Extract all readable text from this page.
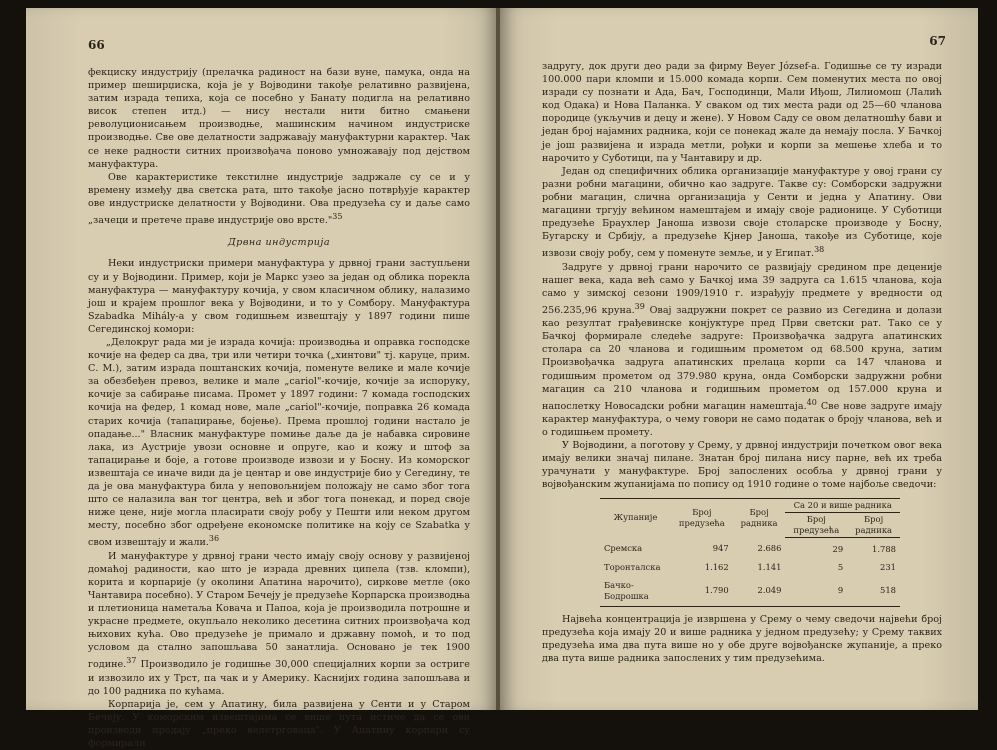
66

фекциску индустрију (прелачка радиност на бази вуне, памука, онда на пример шеширџиска, која је у Војводини такође релативно развијена, затим израда тепиха, која се посебно у Банату подигла на релативно висок степен итд.) — нису нестали нити битно смањени револуционисањем производње, машинским начином индустриске производње. Све ове делатности задржавају мануфактурни карактер. Чак се неке радности ситних произвођача поново умножавају под дејством мануфактура.

Ове карактеристике текстилне индустрије задржале су се и у времену између два светска рата, што такође јасно потврђује карактер ове индустриске делатности у Војводини. Ова предузећа су и даље само „зачеци и претече праве индустрије ово врсте."$^{35}$

Дрвна индустрија

Неки индустриски примери мануфактура у дрвној грани заступљени су и у Војводини. Пример, који је Маркс узео за један од облика порекла мануфактура — мануфактуру кочија, у свом класичном облику, налазимо још и крајем прошлог века у Војводини, и то у Сомбору. Мануфактура Szabadka Mihály-а у свом годишњем извештају у 1897 години пише Сегединској комори:

„Делокруг рада ми је израда кочија: производња и оправка господске кочије на федер са два, три или четири точка („хинтови" тј. каруце, прим. С. М.), затим израда поштанских кочија, поменуте велике и мале кочије за обезбеђен превоз, велике и мале „cariol"-кочије, кочије за испоруку, кочије за сабирање писама. Промет у 1897 години: 7 комада господских кочија на федер, 1 комад нове, мале „cariol"-кочије, поправка 26 комада старих кочија (тапацирање, бојење). Према прошлој години настало је опадање..." Власник мануфактуре помиње даље да је набавка сировине лака, из Аустрије увози основне и опруге, као и кожу и штоф за тапацирање и боје, а готове производе извози и у Босну. Из коморског извештаја се иначе види да је центар и ове индустрије био у Сегедину, те да је ова мануфактура била у неповољнијем положају не само због тога што се налазила ван тог центра, већ и због тога понекад, и поред своје ниже цене, није могла пласирати своју робу у Пешти или неком другом месту, посебно због одређене економске политике на коју се Szabatka у свом извештају и жали.$^{36}$

И мануфактуре у дрвној грани често имају своју основу у развијеној домаћој радиности, као што је израда древних ципела (тзв. кломпи), корита и корпарије (у околини Апатина нарочито), сиркове метле (око Чантавира посебно). У Старом Бечеју је предузеће Корпарска производња и плетионица наметаља Ковача и Папоа, која је производила потрошне и украсне предмете, окупљало неколико десетина ситних произвођача код њихових кућа. Ово предузеће је примало и државну помоћ, и то под условом да стално запошљава 50 занатлија. Основано је тек 1900 године.$^{37}$ Производило је годишње 30,000 специјалних корпи за остриге и извозило их у Трст, па чак и у Америку. Касниjих година запошљава и до 100 радника по кућама.

Корпарија је, сем у Апатину, била развијена у Сенти и у Старом Бечеју. У коморским извештајима се више пута истиче да се ови производи продају „преко велетрговаца". У Апатину корпари су формирали

67

задругу, док други део ради за фирму Beyer József-а. Годишње се ту изради 100.000 пари кломпи и 15.000 комада корпи. Сем поменутих места по овој изради су познати и Ада, Бач, Господинци, Мали Иђош, Лилиомош (Лалић код Одака) и Нова Паланка. У сваком од тих места ради од 25—60 чланова породице (укључив и децу и жене). У Новом Саду се овом делатношћу бави и један број најамних радника, који се понекад жале да немају посла. У Бачкој је још развијена и израда метли, рођки и корпи за мешење хлеба и то нарочито у Суботици, па у Чантавиру и др.

Један од специфичних облика организације мануфактуре у овој грани су разни робни магацини, обично као задруге. Такве су: Сомборски задружни робни магацин, слична организација у Сенти и једна у Апатину. Ови магацини тргују већином намештајем и имају своје радионице. У Суботици предузеће Браухлер Јаноша извози своје столарске производе у Босну, Бугарску и Србију, а предузеће Кјнер Јаноша, такође из Суботице, које извози своју робу, сем у поменуте земље, и у Египат.$^{38}$

Задруге у дрвној грани нарочито се развијају средином пре деценије нашег века, када већ само у Бачкој има 39 задруга са 1.615 чланова, која само у зимској сезони 1909/1910 г. израђују предмете у вредности од 256.235,96 круна.$^{39}$ Овај задружни покрет се развио из Сегедина и долази као резултат грађевинске конјуктуре пред Први светски рат. Тако се у Бачкој формирале следеће задруге: Произвођачка задруга апатинских столара са 20 чланова и годишњим прометом од 68.500 круна, затим Произвођачка задруга апатинских прелаца корпи са 147 чланова и годишњим прометом од 379.980 круна, онда Сомборски задружни робни магацин са 210 чланова и годишњим прометом од 157.000 круна и напослетку Новосадски робни магацин намештаја.$^{40}$ Све нове задруге имају карактер мануфактура, о чему говори не само податак о броју чланова, већ и о годишњем промету.

У Војводини, а поготову у Срему, у дрвној индустрији почетком овог века имају велики значај пилане. Знатан број пилана нису парне, већ их треба урачунати у мануфактуре. Број запослених особља у дрвној грани у војвођанским жупанијама по попису од 1910 године о томе најбоље сведочи:

Жупаније	Број предузећа	Број радника	Са 20 и више радника	
			Број предузећа	Број радника
Сремска	947	2.686	29	1.788
Торонталска	1.162	1.141	5	231
Бачко-Бодрошка	1.790	2.049	9	518

Највећа концентрација је извршена у Срему о чему сведочи највећи број предузећа која имају 20 и више радника у једном предузећу; у Срему таквих предузећа има два пута више но у обе друге војвођанске жупаније, а преко два пута више радника запослених у тим предузећима.
